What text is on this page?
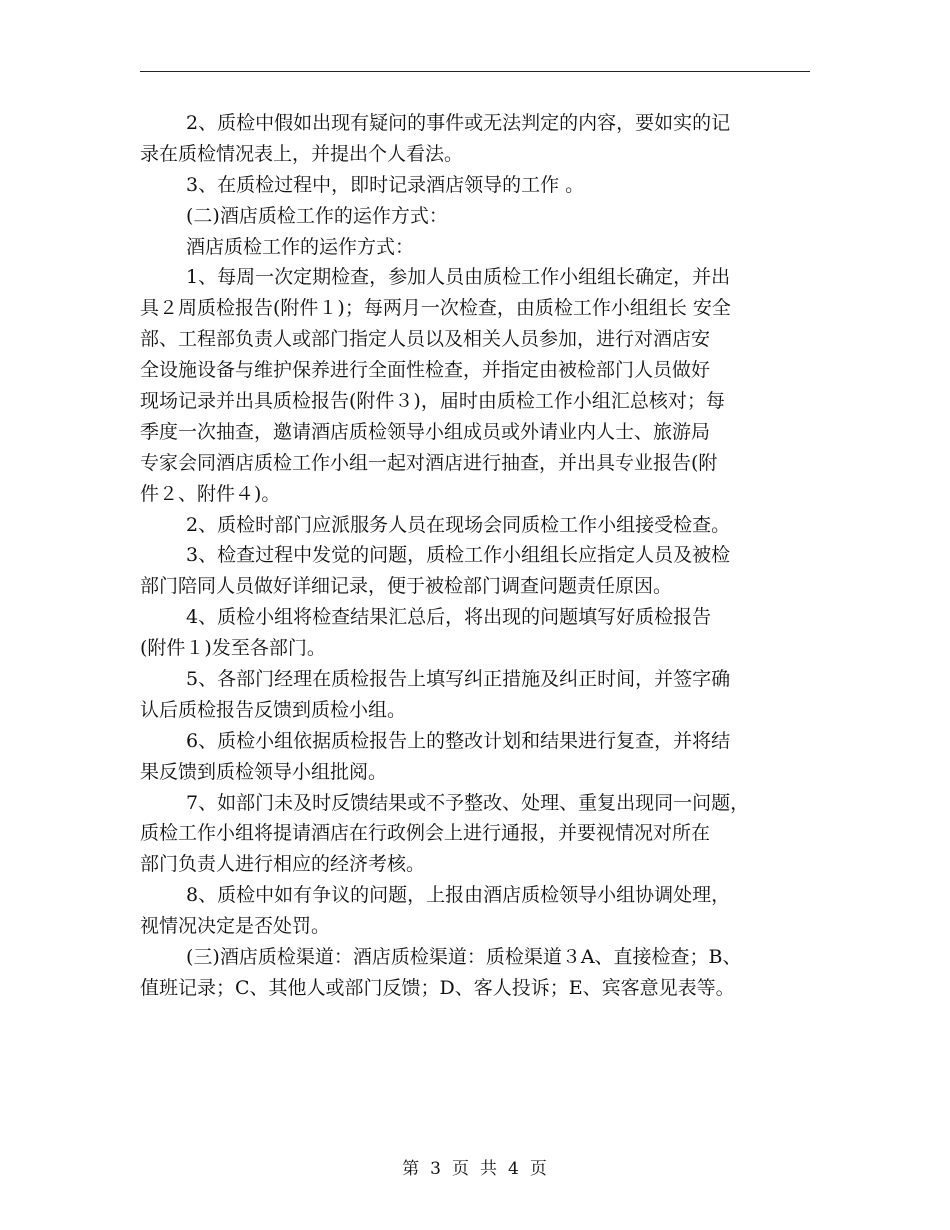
2、质检中假如出现有疑问的事件或无法判定的内容，要如实的记
录在质检情况表上，并提出个人看法。
3、在质检过程中，即时记录酒店领导的工作 。
(二)酒店质检工作的运作方式：
酒店质检工作的运作方式：
1、每周一次定期检查，参加人员由质检工作小组组长确定，并出
具２周质检报告(附件１)；每两月一次检查，由质检工作小组组长 安全
部、工程部负责人或部门指定人员以及相关人员参加，进行对酒店安
全设施设备与维护保养进行全面性检查，并指定由被检部门人员做好
现场记录并出具质检报告(附件３)，届时由质检工作小组汇总核对；每
季度一次抽查，邀请酒店质检领导小组成员或外请业内人士、旅游局
专家会同酒店质检工作小组一起对酒店进行抽查，并出具专业报告(附
件２、附件４)。
2、质检时部门应派服务人员在现场会同质检工作小组接受检查。
3、检查过程中发觉的问题，质检工作小组组长应指定人员及被检
部门陪同人员做好详细记录，便于被检部门调查问题责任原因。
4、质检小组将检查结果汇总后，将出现的问题填写好质检报告
(附件１)发至各部门。
5、各部门经理在质检报告上填写纠正措施及纠正时间，并签字确
认后质检报告反馈到质检小组。
6、质检小组依据质检报告上的整改计划和结果进行复查，并将结
果反馈到质检领导小组批阅。
7、如部门未及时反馈结果或不予整改、处理、重复出现同一问题，
质检工作小组将提请酒店在行政例会上进行通报，并要视情况对所在
部门负责人进行相应的经济考核。
8、质检中如有争议的问题，上报由酒店质检领导小组协调处理，
视情况决定是否处罚。
(三)酒店质检渠道：酒店质检渠道：质检渠道３A、直接检查；B、
值班记录；C、其他人或部门反馈；D、客人投诉；E、宾客意见表等。
第 3 页 共 4 页
